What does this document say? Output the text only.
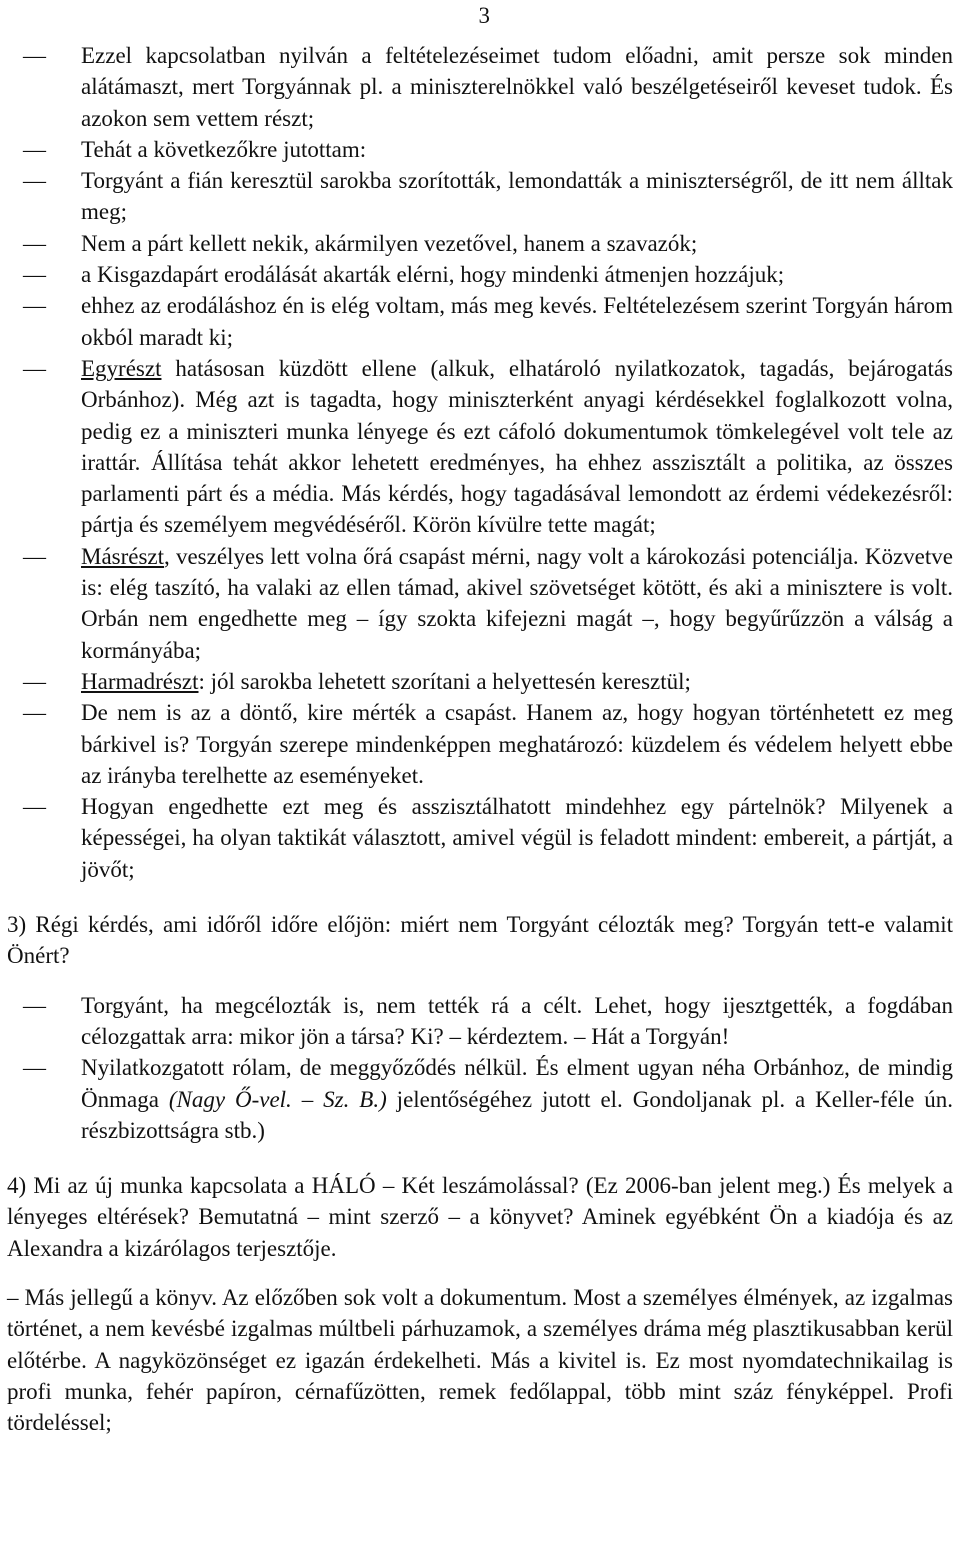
3
— Ezzel kapcsolatban nyilván a feltételezéseimet tudom előadni, amit persze sok minden alátámaszt, mert Torgyánnak pl. a miniszterelnökkel való beszélgetéseiről keveset tudok. És azokon sem vettem részt;
— Tehát a következőkre jutottam:
— Torgyánt a fián keresztül sarokba szorították, lemondatták a miniszterségről, de itt nem álltak meg;
— Nem a párt kellett nekik, akármilyen vezetővel, hanem a szavazók;
— a Kisgazdapárt erodálását akarták elérni, hogy mindenki átmenjen hozzájuk;
— ehhez az erodáláshoz én is elég voltam, más meg kevés. Feltételezésem szerint Torgyán három okból maradt ki;
— Egyrészt hatásosan küzdött ellene (alkuk, elhatároló nyilatkozatok, tagadás, bejárogatás Orbánhoz). Még azt is tagadta, hogy miniszterként anyagi kérdésekkel foglalkozott volna, pedig ez a miniszteri munka lényege és ezt cáfoló dokumentumok tömkelegével volt tele az irattár. Állítása tehát akkor lehetett eredményes, ha ehhez asszisztált a politika, az összes parlamenti párt és a média. Más kérdés, hogy tagadásával lemondott az érdemi védekezésről: pártja és személyem megvédéséről. Körön kívülre tette magát;
— Másrészt, veszélyes lett volna őrá csapást mérni, nagy volt a károkozási potenciálja. Közvetve is: elég taszító, ha valaki az ellen támad, akivel szövetséget kötött, és aki a minisztere is volt. Orbán nem engedhette meg – így szokta kifejezni magát –, hogy begyűrűzzön a válság a kormányába;
— Harmadrészt: jól sarokba lehetett szorítani a helyettesén keresztül;
— De nem is az a döntő, kire mérték a csapást. Hanem az, hogy hogyan történhetett ez meg bárkivel is? Torgyán szerepe mindenképpen meghatározó: küzdelem és védelem helyett ebbe az irányba terelhette az eseményeket.
— Hogyan engedhette ezt meg és asszisztálhatott mindehhez egy pártelnök? Milyenek a képességei, ha olyan taktikát választott, amivel végül is feladott mindent: embereit, a pártját, a jövőt;
3) Régi kérdés, ami időről időre előjön: miért nem Torgyánt célozták meg? Torgyán tett-e valamit Önért?
— Torgyánt, ha megcélozták is, nem tették rá a célt. Lehet, hogy ijesztgették, a fogdában célozgattak arra: mikor jön a társa? Ki? – kérdeztem. – Hát a Torgyán!
— Nyilatkozgatott rólam, de meggyőződés nélkül. És elment ugyan néha Orbánhoz, de mindig Önmaga (Nagy Ő-vel. – Sz. B.) jelentőségéhez jutott el. Gondoljanak pl. a Keller-féle ún. részbizottságra stb.)
4) Mi az új munka kapcsolata a HÁLÓ – Két leszámolással? (Ez 2006-ban jelent meg.) És melyek a lényeges eltérések? Bemutatná – mint szerző – a könyvet? Aminek egyébként Ön a kiadója és az Alexandra a kizárólagos terjesztője.
– Más jellegű a könyv. Az előzőben sok volt a dokumentum. Most a személyes élmények, az izgalmas történet, a nem kevésbé izgalmas múltbeli párhuzamok, a személyes dráma még plasztikusabban kerül előtérbe. A nagyközönséget ez igazán érdekelheti. Más a kivitel is. Ez most nyomdatechnikailag is profi munka, fehér papíron, cérnafűzötten, remek fedőlappal, több mint száz fényképpel. Profi tördeléssel;
